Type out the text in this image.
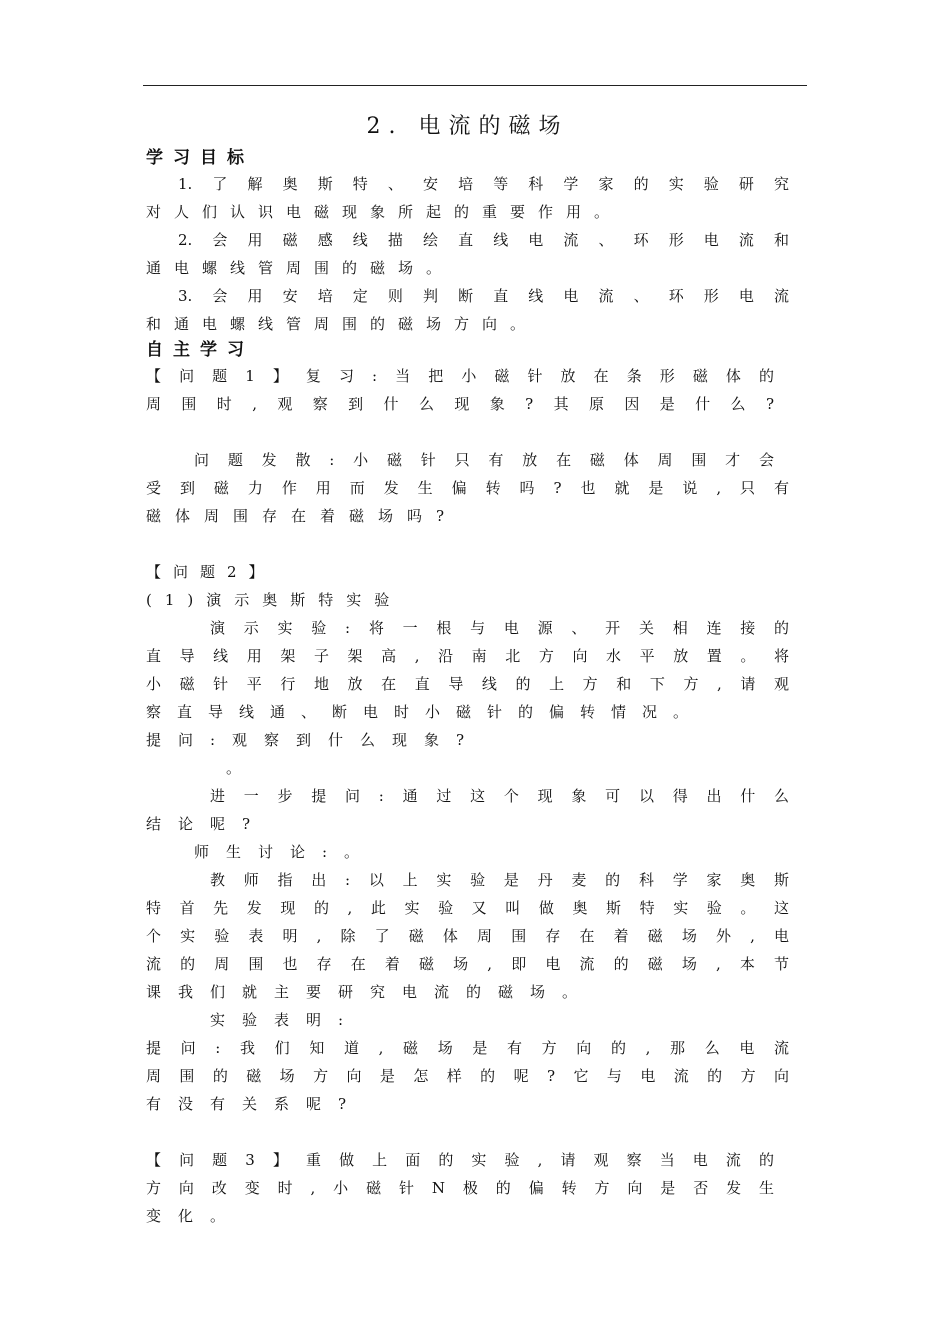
2. 电流的磁场
学习目标
1.了解奥斯特、安培等科学家的实验研究
对人们认识电磁现象所起的重要作用。
2.会用磁感线描绘直线电流、环形电流和
通电螺线管周围的磁场。
3.会用安培定则判断直线电流、环形电流
和通电螺线管周围的磁场方向。
自主学习
【问题1】复习:当把小磁针放在条形磁体的
周围时,观察到什么现象?其原因是什么?
问题发散:小磁针只有放在磁体周围才会
受到磁力作用而发生偏转吗?也就是说,只有
磁体周围存在着磁场吗?
【问题2】
(1)演示奥斯特实验
演示实验:将一根与电源、开关相连接的
直导线用架子架高,沿南北方向水平放置。将
小磁针平行地放在直导线的上方和下方,请观
察直导线通、断电时小磁针的偏转情况。
提问:观察到什么现象?
。
进一步提问:通过这个现象可以得出什么
结论呢?
师生讨论:。
教师指出:以上实验是丹麦的科学家奥斯
特首先发现的,此实验又叫做奥斯特实验。这
个实验表明,除了磁体周围存在着磁场外,电
流的周围也存在着磁场,即电流的磁场,本节
课我们就主要研究电流的磁场。
实验表明:
提问:我们知道,磁场是有方向的,那么电流
周围的磁场方向是怎样的呢?它与电流的方向
有没有关系呢?
【问题3】重做上面的实验,请观察当电流的
方向改变时,小磁针N极的偏转方向是否发生
变化。
